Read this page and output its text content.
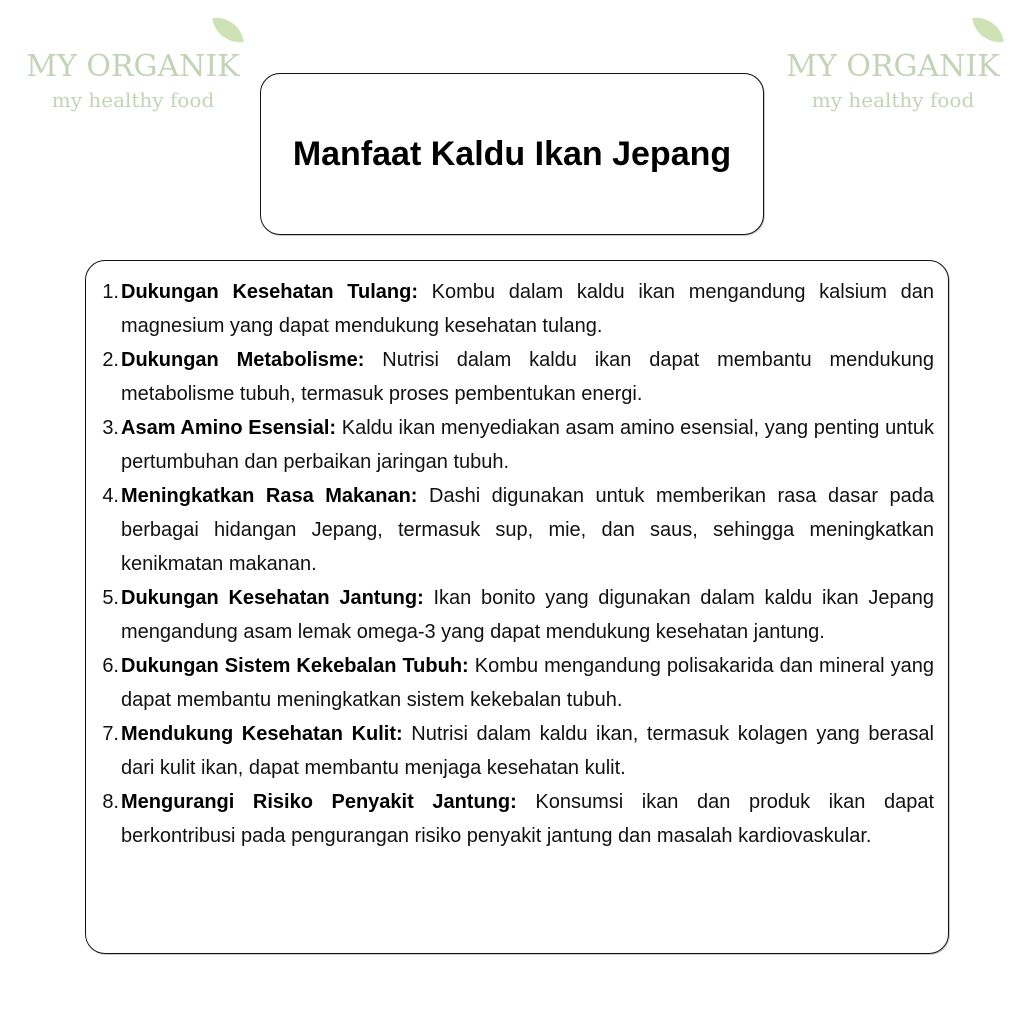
MY ORGANIK
my healthy food
MY ORGANIK
my healthy food
Manfaat Kaldu Ikan Jepang
1. Dukungan Kesehatan Tulang: Kombu dalam kaldu ikan mengandung kalsium dan magnesium yang dapat mendukung kesehatan tulang.
2. Dukungan Metabolisme: Nutrisi dalam kaldu ikan dapat membantu mendukung metabolisme tubuh, termasuk proses pembentukan energi.
3. Asam Amino Esensial: Kaldu ikan menyediakan asam amino esensial, yang penting untuk pertumbuhan dan perbaikan jaringan tubuh.
4. Meningkatkan Rasa Makanan: Dashi digunakan untuk memberikan rasa dasar pada berbagai hidangan Jepang, termasuk sup, mie, dan saus, sehingga meningkatkan kenikmatan makanan.
5. Dukungan Kesehatan Jantung: Ikan bonito yang digunakan dalam kaldu ikan Jepang mengandung asam lemak omega-3 yang dapat mendukung kesehatan jantung.
6. Dukungan Sistem Kekebalan Tubuh: Kombu mengandung polisakarida dan mineral yang dapat membantu meningkatkan sistem kekebalan tubuh.
7. Mendukung Kesehatan Kulit: Nutrisi dalam kaldu ikan, termasuk kolagen yang berasal dari kulit ikan, dapat membantu menjaga kesehatan kulit.
8. Mengurangi Risiko Penyakit Jantung: Konsumsi ikan dan produk ikan dapat berkontribusi pada pengurangan risiko penyakit jantung dan masalah kardiovaskular.
